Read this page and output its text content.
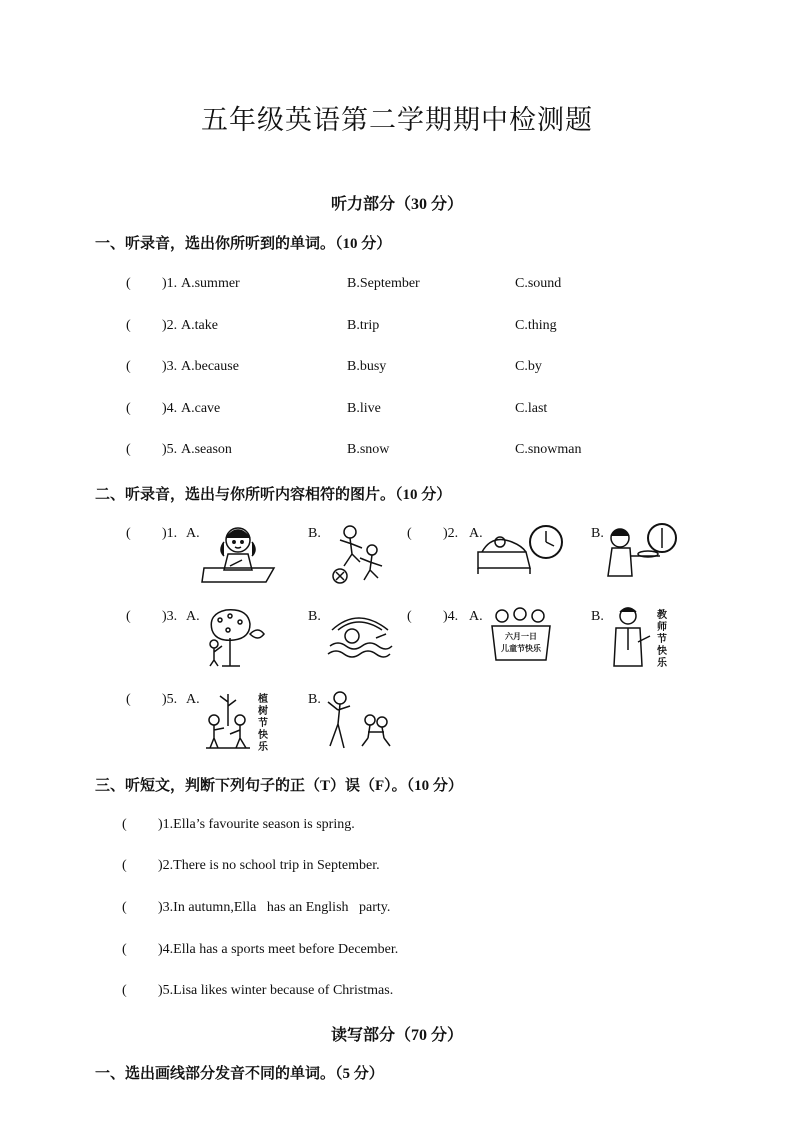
五年级英语第二学期期中检测题
听力部分（30 分）
一、听录音，选出你所听到的单词。（10 分）
( )1. A.summer	B.September	C.sound
( )2. A.take	B.trip	C.thing
( )3. A.because	B.busy	C.by
( )4. A.cave	B.live	C.last
( )5. A.season	B.snow	C.snowman
二、听录音，选出与你所听内容相符的图片。（10 分）
( )1. A.	B.	( )2. A.	B.
( )3. A.	B.	( )4. A.
六月一日
儿童节快乐
B.	教
师
节
快
乐
( )5. A.	植
树
节
快
乐
B.
三、听短文，判断下列句子的正（T）误（F）。（10 分）
( )1.Ella’s favourite season is spring.
( )2.There is no school trip in September.
( )3.In autumn,Ella   has an English   party.
( )4.Ella has a sports meet before December.
( )5.Lisa likes winter because of Christmas.
读写部分（70 分）
一、选出画线部分发音不同的单词。（5 分）
